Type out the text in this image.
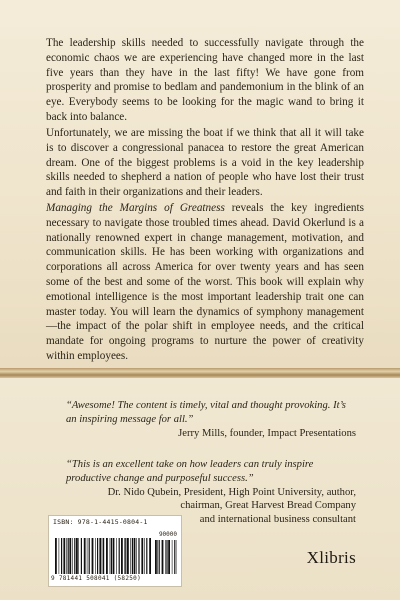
The leadership skills needed to successfully navigate through the economic chaos we are experiencing have changed more in the last five years than they have in the last fifty! We have gone from prosperity and promise to bedlam and pandemonium in the blink of an eye. Everybody seems to be looking for the magic wand to bring it back into balance.

Unfortunately, we are missing the boat if we think that all it will take is to discover a congressional panacea to restore the great American dream. One of the biggest problems is a void in the key leadership skills needed to shepherd a nation of people who have lost their trust and faith in their organizations and their leaders.

Managing the Margins of Greatness reveals the key ingredients necessary to navigate those troubled times ahead. David Okerlund is a nationally renowned expert in change management, motivation, and communication skills. He has been working with organizations and corporations all across America for over twenty years and has seen some of the best and some of the worst. This book will explain why emotional intelligence is the most important leadership trait one can master today. You will learn the dynamics of symphony management—the impact of the polar shift in employee needs, and the critical mandate for ongoing programs to nurture the power of creativity within employees.

“Awesome! The content is timely, vital and thought provoking. It’s an inspiring message for all.”
Jerry Mills, founder, Impact Presentations
“This is an excellent take on how leaders can truly inspire productive change and purposeful success.”
Dr. Nido Qubein, President, High Point University, author,
chairman, Great Harvest Bread Company
and international business consultant
ISBN: 978-1-4415-0804-1
90000
9 781441 508041 (58250)
Xlibris
